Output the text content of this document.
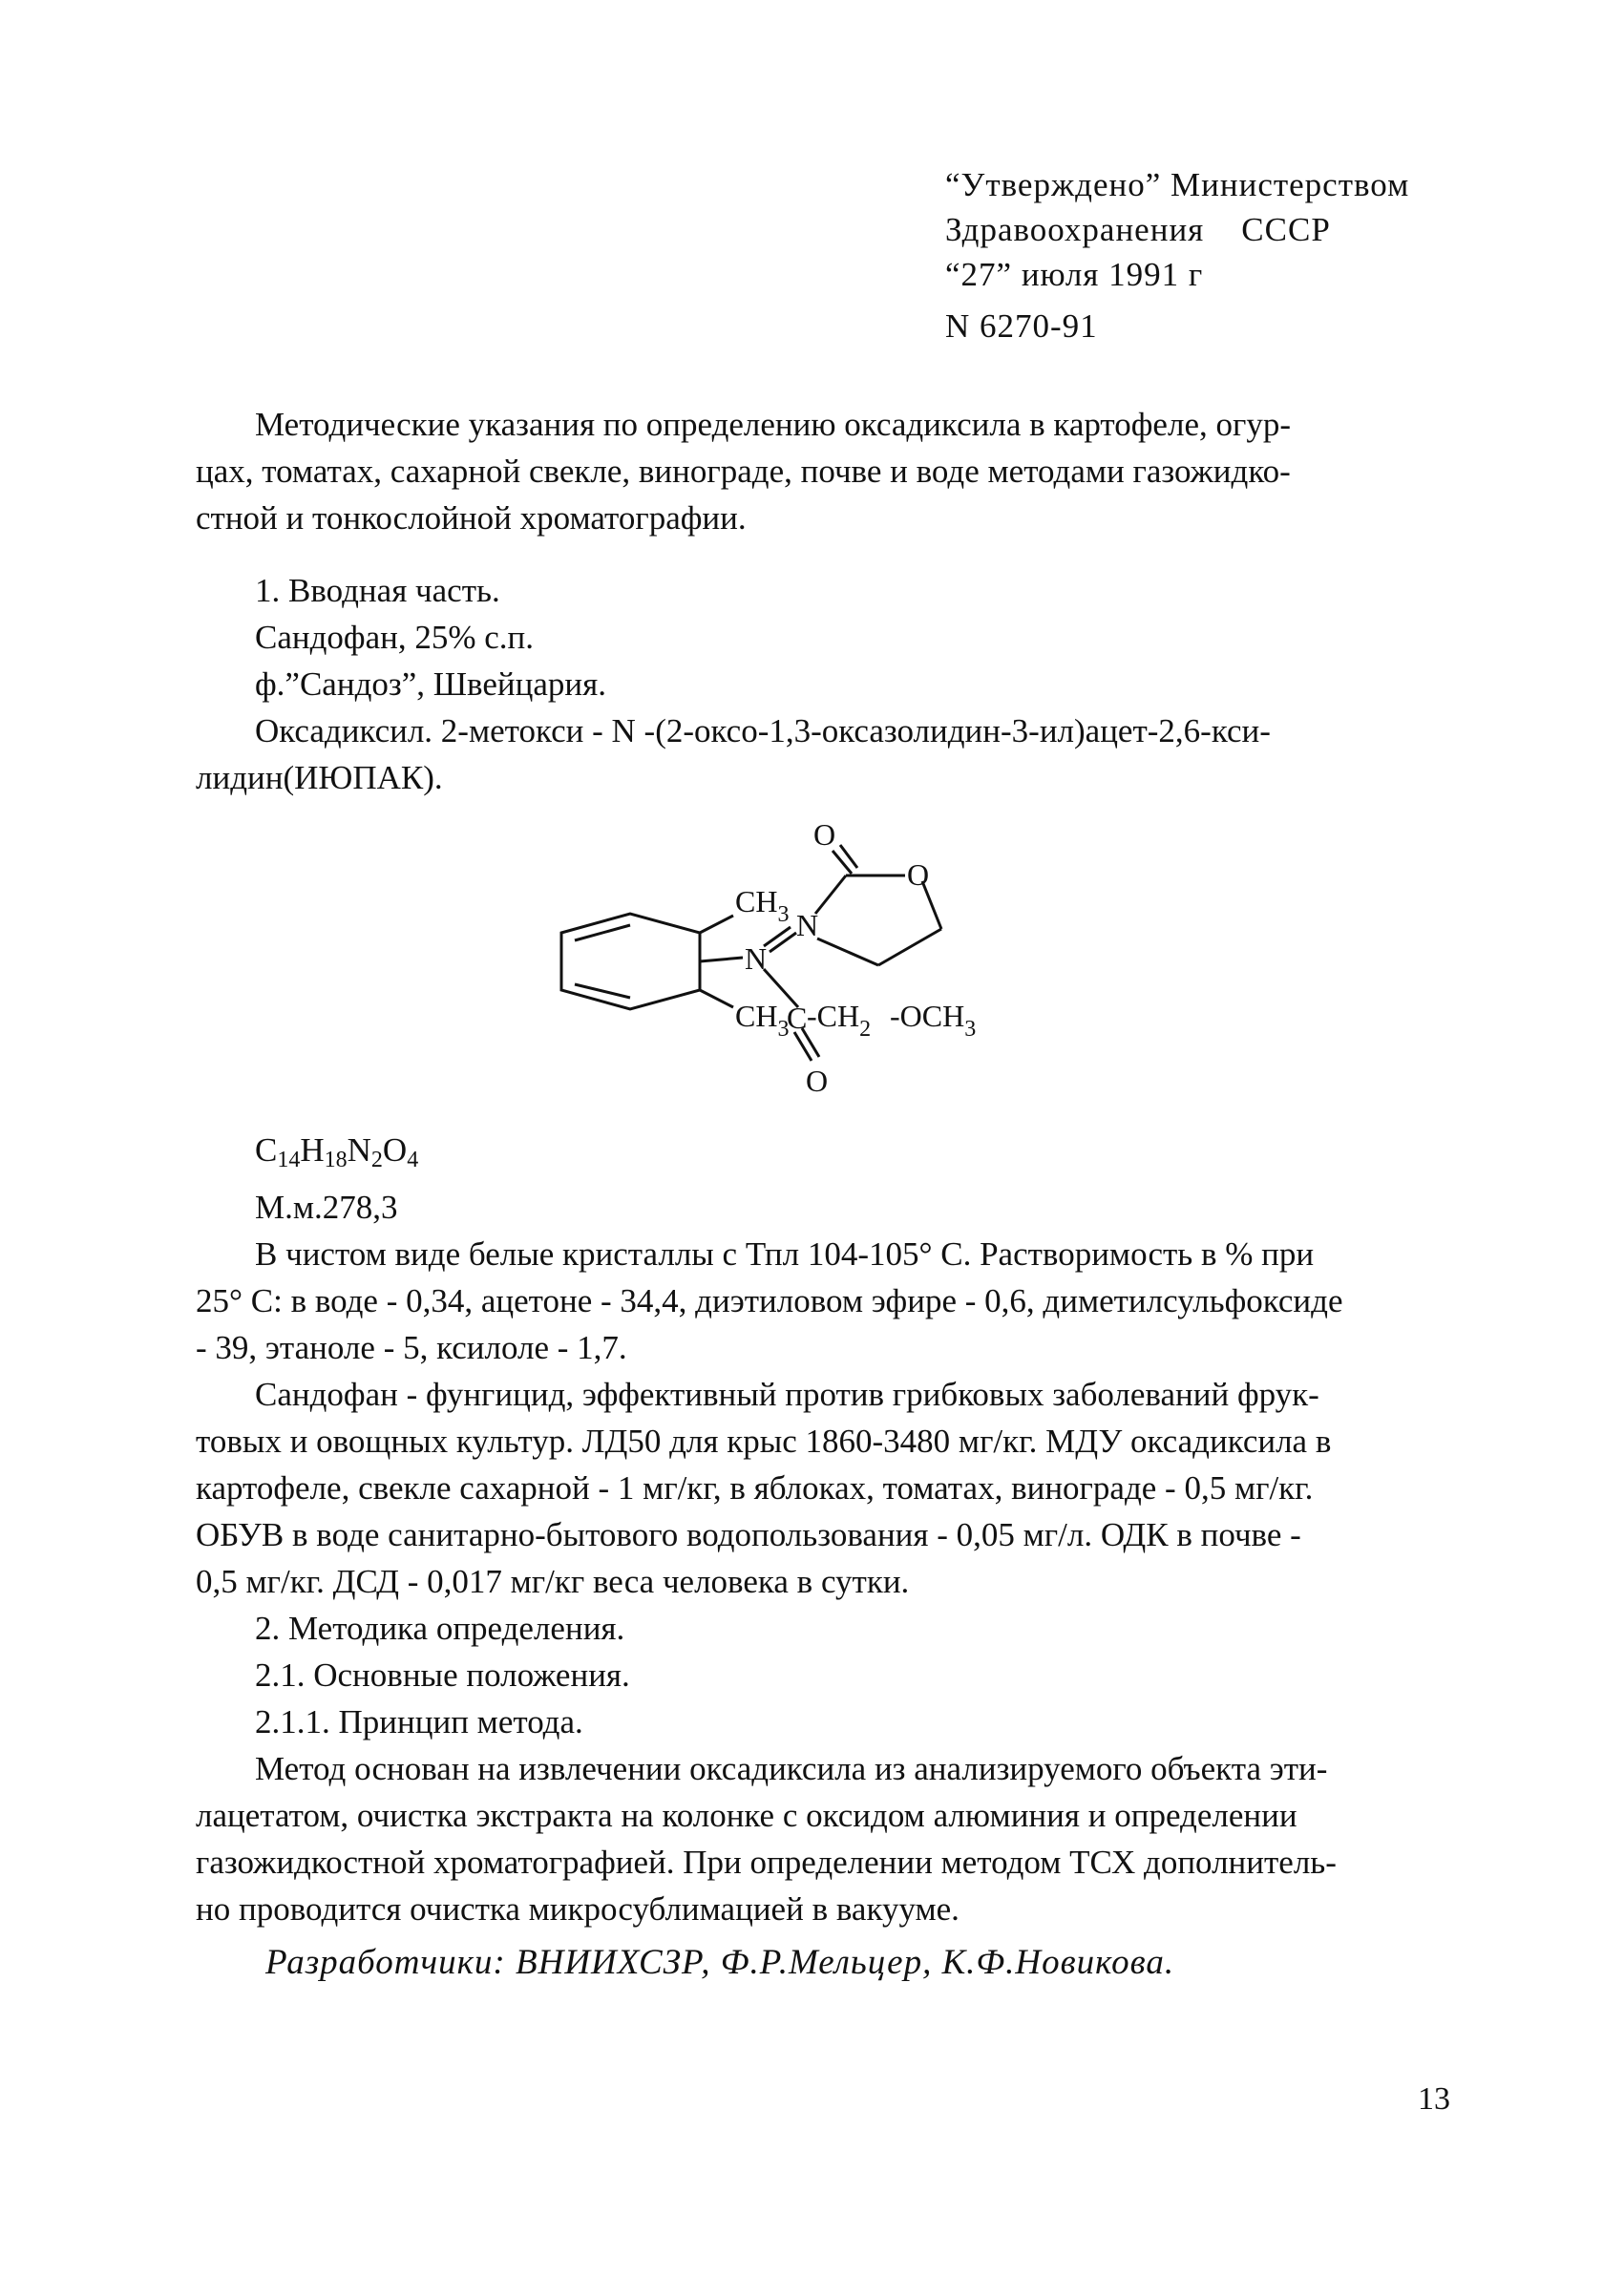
“Утверждено” Министерством
Здравоохранения    СССР
“27” июля 1991 г
N 6270-91
Методические указания по определению оксадиксила в картофеле, огур-
цах, томатах, сахарной свекле, винограде, почве и воде методами газожидко-
стной и тонкослойной хроматографии.
1. Вводная часть.
Сандофан, 25% с.п.
ф.”Сандоз”, Швейцария.
Оксадиксил. 2-метокси - N -(2-оксо-1,3-оксазолидин-3-ил)ацет-2,6-кси-
лидин(ИЮПАК).
O
O
$CH_3$
N
N
$CH_3$
C $-CH_2$ $-OCH_3$
O
$C_{14}H_{18}N_2O_4$
М.м.278,3
В чистом виде белые кристаллы с Тпл 104-105° С. Растворимость в % при
25° С: в воде - 0,34, ацетоне - 34,4, диэтиловом эфире - 0,6, диметилсульфоксиде
- 39, этаноле - 5, ксилоле - 1,7.
Сандофан - фунгицид, эффективный против грибковых заболеваний фрук-
товых и овощных культур. ЛД50 для крыс 1860-3480 мг/кг. МДУ оксадиксила в
картофеле, свекле сахарной - 1 мг/кг, в яблоках, томатах, винограде - 0,5 мг/кг.
ОБУВ в воде санитарно-бытового водопользования - 0,05 мг/л. ОДК в почве -
0,5 мг/кг. ДСД - 0,017 мг/кг веса человека в сутки.
2. Методика определения.
2.1. Основные положения.
2.1.1. Принцип метода.
Метод основан на извлечении оксадиксила из анализируемого объекта эти-
лацетатом, очистка экстракта на колонке с оксидом алюминия и определении
газожидкостной хроматографией. При определении методом ТСХ дополнитель-
но проводится очистка микросублимацией в вакууме.
Разработчики: ВНИИХСЗР, Ф.Р.Мельцер, К.Ф.Новикова.
13
